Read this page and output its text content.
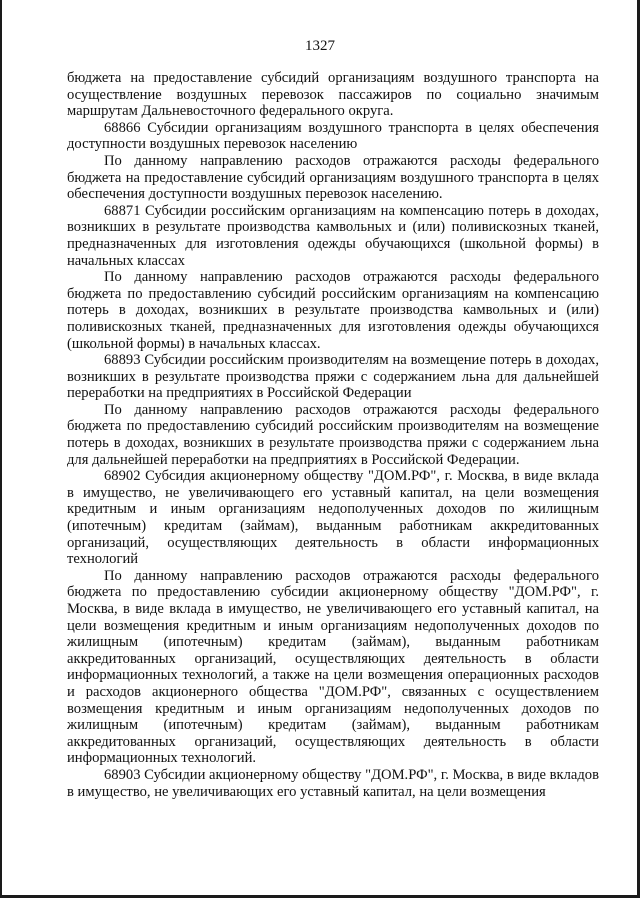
1327

бюджета на предоставление субсидий организациям воздушного транспорта на осуществление воздушных перевозок пассажиров по социально значимым маршрутам Дальневосточного федерального округа.

68866 Субсидии организациям воздушного транспорта в целях обеспечения доступности воздушных перевозок населению

По данному направлению расходов отражаются расходы федерального бюджета на предоставление субсидий организациям воздушного транспорта в целях обеспечения доступности воздушных перевозок населению.

68871 Субсидии российским организациям на компенсацию потерь в доходах, возникших в результате производства камвольных и (или) поливискозных тканей, предназначенных для изготовления одежды обучающихся (школьной формы) в начальных классах

По данному направлению расходов отражаются расходы федерального бюджета по предоставлению субсидий российским организациям на компенсацию потерь в доходах, возникших в результате производства камвольных и (или) поливискозных тканей, предназначенных для изготовления одежды обучающихся (школьной формы) в начальных классах.

68893 Субсидии российским производителям на возмещение потерь в доходах, возникших в результате производства пряжи с содержанием льна для дальнейшей переработки на предприятиях в Российской Федерации

По данному направлению расходов отражаются расходы федерального бюджета по предоставлению субсидий российским производителям на возмещение потерь в доходах, возникших в результате производства пряжи с содержанием льна для дальнейшей переработки на предприятиях в Российской Федерации.

68902 Субсидия акционерному обществу "ДОМ.РФ", г. Москва, в виде вклада в имущество, не увеличивающего его уставный капитал, на цели возмещения кредитным и иным организациям недополученных доходов по жилищным (ипотечным) кредитам (займам), выданным работникам аккредитованных организаций, осуществляющих деятельность в области информационных технологий

По данному направлению расходов отражаются расходы федерального бюджета по предоставлению субсидии акционерному обществу "ДОМ.РФ", г. Москва, в виде вклада в имущество, не увеличивающего его уставный капитал, на цели возмещения кредитным и иным организациям недополученных доходов по жилищным (ипотечным) кредитам (займам), выданным работникам аккредитованных организаций, осуществляющих деятельность в области информационных технологий, а также на цели возмещения операционных расходов и расходов акционерного общества "ДОМ.РФ", связанных с осуществлением возмещения кредитным и иным организациям недополученных доходов по жилищным (ипотечным) кредитам (займам), выданным работникам аккредитованных организаций, осуществляющих деятельность в области информационных технологий.

68903 Субсидии акционерному обществу "ДОМ.РФ", г. Москва, в виде вкладов в имущество, не увеличивающих его уставный капитал, на цели возмещения
